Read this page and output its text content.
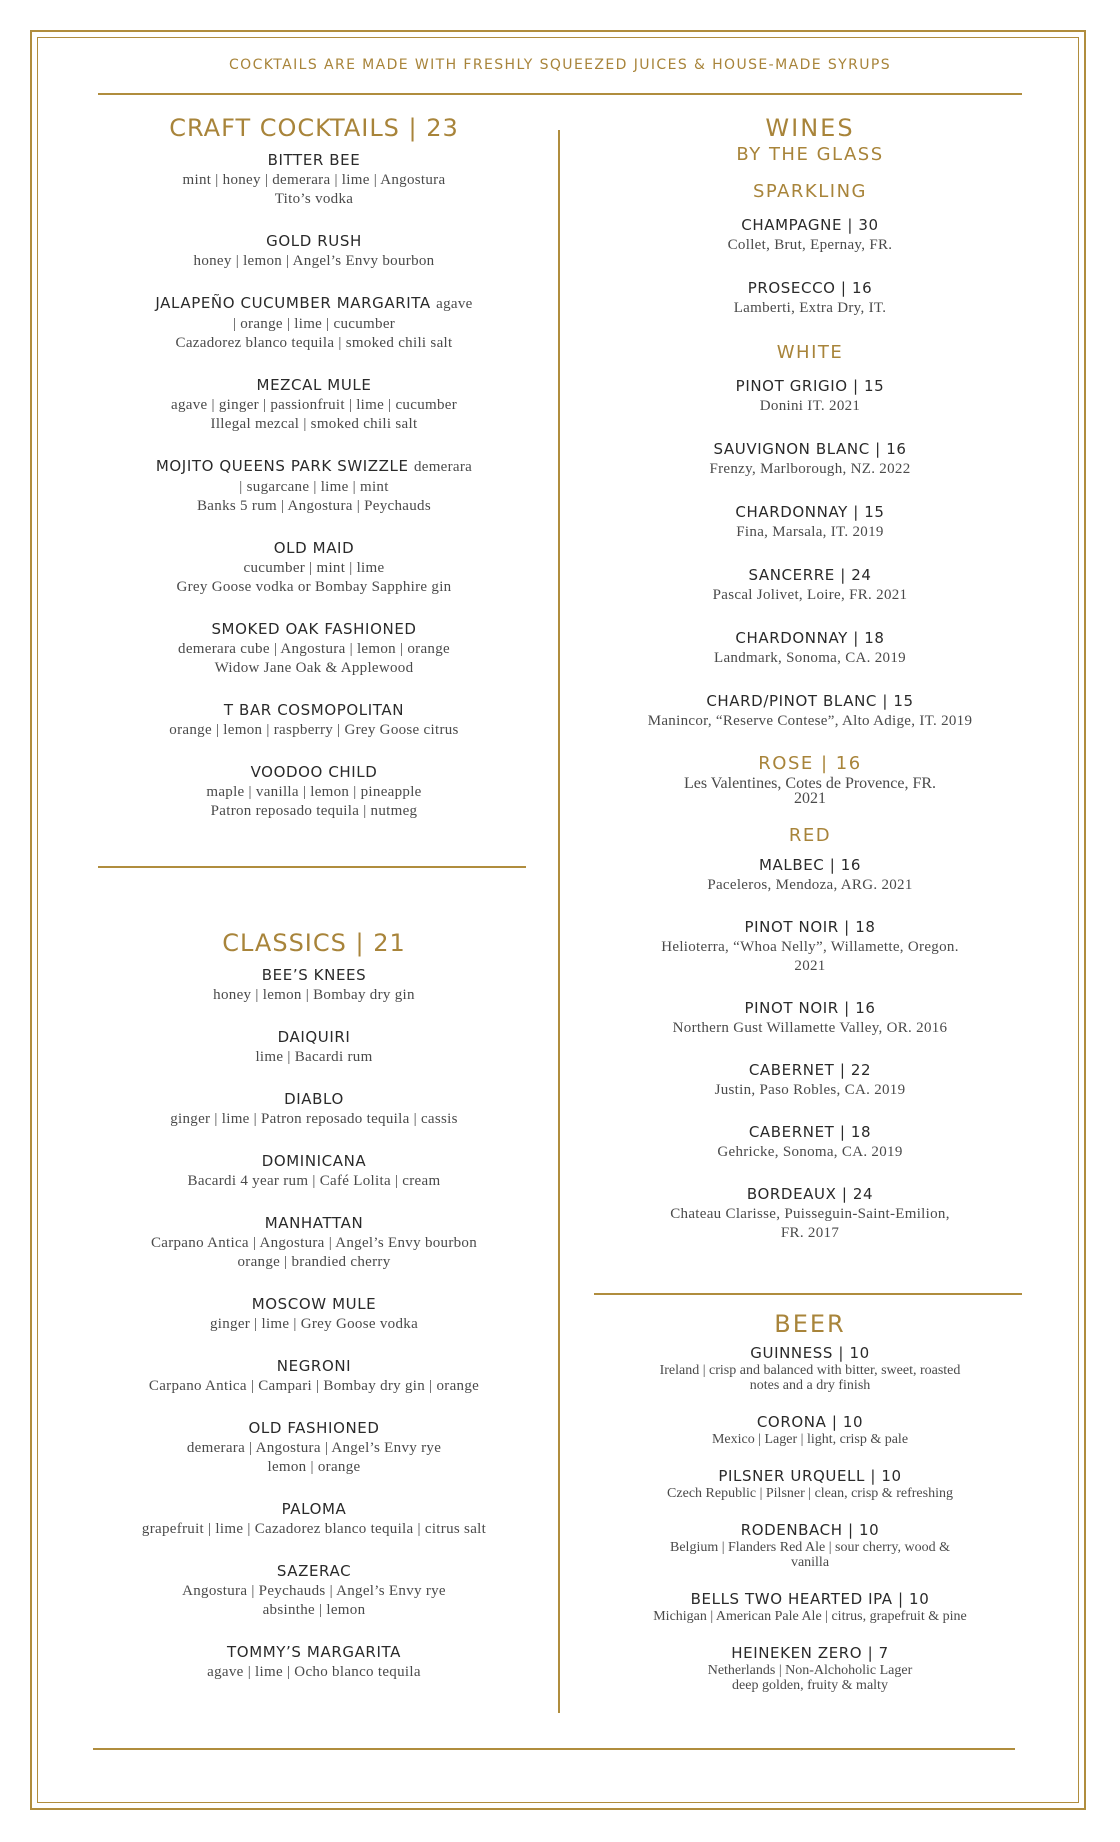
COCKTAILS ARE MADE WITH FRESHLY SQUEEZED JUICES & HOUSE-MADE SYRUPS
CRAFT COCKTAILS | 23
BITTER BEE
mint | honey | demerara | lime | Angostura
Tito’s vodka
GOLD RUSH
honey | lemon | Angel’s Envy bourbon
JALAPEÑO CUCUMBER MARGARITA agave
| orange | lime | cucumber
Cazadorez blanco tequila | smoked chili salt
MEZCAL MULE
agave | ginger | passionfruit | lime | cucumber
Illegal mezcal | smoked chili salt
MOJITO QUEENS PARK SWIZZLE demerara
| sugarcane | lime | mint
Banks 5 rum | Angostura | Peychauds
OLD MAID
cucumber | mint | lime
Grey Goose vodka or Bombay Sapphire gin
SMOKED OAK FASHIONED
demerara cube | Angostura | lemon | orange
Widow Jane Oak & Applewood
T BAR COSMOPOLITAN
orange | lemon | raspberry | Grey Goose citrus
VOODOO CHILD
maple | vanilla | lemon | pineapple
Patron reposado tequila | nutmeg
CLASSICS | 21
BEE’S KNEES
honey | lemon | Bombay dry gin
DAIQUIRI
lime | Bacardi rum
DIABLO
ginger | lime | Patron reposado tequila | cassis
DOMINICANA
Bacardi 4 year rum | Café Lolita | cream
MANHATTAN
Carpano Antica | Angostura | Angel’s Envy bourbon
orange | brandied cherry
MOSCOW MULE
ginger | lime | Grey Goose vodka
NEGRONI
Carpano Antica | Campari | Bombay dry gin | orange
OLD FASHIONED
demerara | Angostura | Angel’s Envy rye
lemon | orange
PALOMA
grapefruit | lime | Cazadorez blanco tequila | citrus salt
SAZERAC
Angostura | Peychauds | Angel’s Envy rye
absinthe | lemon
TOMMY’S MARGARITA
agave | lime | Ocho blanco tequila
WINES
BY THE GLASS
SPARKLING
CHAMPAGNE | 30
Collet, Brut, Epernay, FR.
PROSECCO | 16
Lamberti, Extra Dry, IT.
WHITE
PINOT GRIGIO | 15
Donini IT. 2021
SAUVIGNON BLANC | 16
Frenzy, Marlborough, NZ. 2022
CHARDONNAY | 15
Fina, Marsala, IT. 2019
SANCERRE | 24
Pascal Jolivet, Loire, FR. 2021
CHARDONNAY | 18
Landmark, Sonoma, CA. 2019
CHARD/PINOT BLANC | 15
Manincor, “Reserve Contese”, Alto Adige, IT. 2019
ROSE | 16
Les Valentines, Cotes de Provence, FR.
2021
RED
MALBEC | 16
Paceleros, Mendoza, ARG. 2021
PINOT NOIR | 18
Helioterra, “Whoa Nelly”, Willamette, Oregon.
2021
PINOT NOIR | 16
Northern Gust Willamette Valley, OR. 2016
CABERNET | 22
Justin, Paso Robles, CA. 2019
CABERNET | 18
Gehricke, Sonoma, CA. 2019
BORDEAUX | 24
Chateau Clarisse, Puisseguin-Saint-Emilion,
FR. 2017
BEER
GUINNESS | 10
Ireland | crisp and balanced with bitter, sweet, roasted
notes and a dry finish
CORONA | 10
Mexico | Lager | light, crisp & pale
PILSNER URQUELL | 10
Czech Republic | Pilsner | clean, crisp & refreshing
RODENBACH | 10
Belgium | Flanders Red Ale | sour cherry, wood &
vanilla
BELLS TWO HEARTED IPA | 10
Michigan | American Pale Ale | citrus, grapefruit & pine
HEINEKEN ZERO | 7
Netherlands | Non-Alchoholic Lager
deep golden, fruity & malty
